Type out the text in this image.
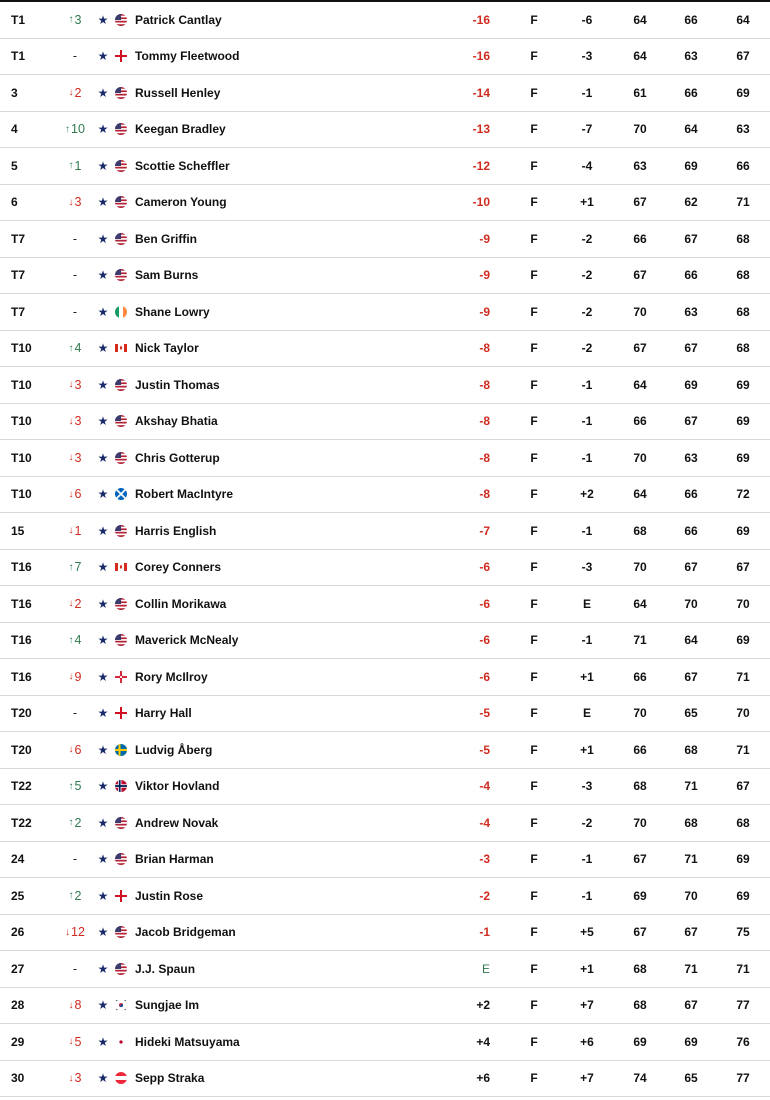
T1	↑ 3 ★ Patrick Cantlay	-16	F	-6	64	66	64
T1	- ★ Tommy Fleetwood	-16	F	-3	64	63	67
3	↓ 2 ★ Russell Henley	-14	F	-1	61	66	69
4	↑ 10 ★ Keegan Bradley	-13	F	-7	70	64	63
5	↑ 1 ★ Scottie Scheffler	-12	F	-4	63	69	66
6	↓ 3 ★ Cameron Young	-10	F	+1	67	62	71
T7	- ★ Ben Griffin	-9	F	-2	66	67	68
T7	- ★ Sam Burns	-9	F	-2	67	66	68
T7	- ★ Shane Lowry	-9	F	-2	70	63	68
T10	↑ 4 ★ Nick Taylor	-8	F	-2	67	67	68
T10	↓ 3 ★ Justin Thomas	-8	F	-1	64	69	69
T10	↓ 3 ★ Akshay Bhatia	-8	F	-1	66	67	69
T10	↓ 3 ★ Chris Gotterup	-8	F	-1	70	63	69
T10	↓ 6 ★ Robert MacIntyre	-8	F	+2	64	66	72
15	↓ 1 ★ Harris English	-7	F	-1	68	66	69
T16	↑ 7 ★ Corey Conners	-6	F	-3	70	67	67
T16	↓ 2 ★ Collin Morikawa	-6	F	E	64	70	70
T16	↑ 4 ★ Maverick McNealy	-6	F	-1	71	64	69
T16	↓ 9 ★ Rory McIlroy	-6	F	+1	66	67	71
T20	- ★ Harry Hall	-5	F	E	70	65	70
T20	↓ 6 ★ Ludvig Åberg	-5	F	+1	66	68	71
T22	↑ 5 ★ Viktor Hovland	-4	F	-3	68	71	67
T22	↑ 2 ★ Andrew Novak	-4	F	-2	70	68	68
24	- ★ Brian Harman	-3	F	-1	67	71	69
25	↑ 2 ★ Justin Rose	-2	F	-1	69	70	69
26	↓ 12 ★ Jacob Bridgeman	-1	F	+5	67	67	75
27	- ★ J.J. Spaun	E	F	+1	68	71	71
28	↓ 8 ★ Sungjae Im	+2	F	+7	68	67	77
29	↓ 5 ★ Hideki Matsuyama	+4	F	+6	69	69	76
30	↓ 3 ★ Sepp Straka	+6	F	+7	74	65	77
